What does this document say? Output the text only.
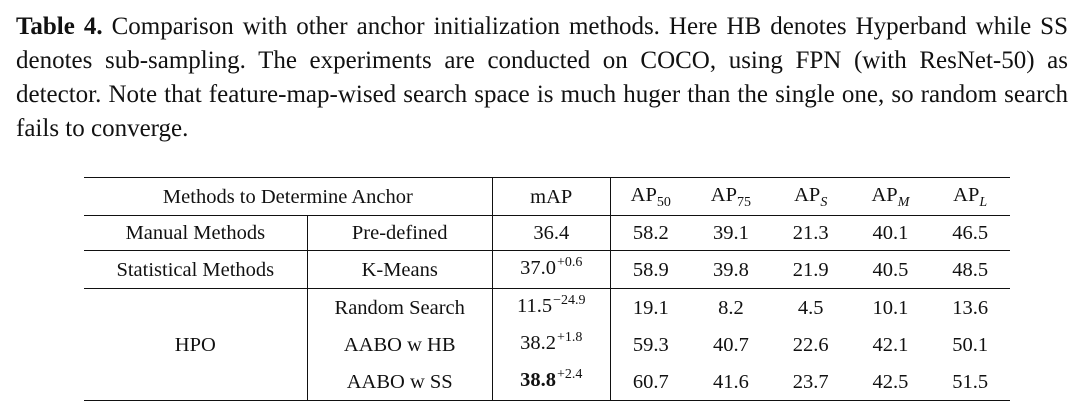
Table 4. Comparison with other anchor initialization methods. Here HB denotes Hyperband while SS denotes sub-sampling. The experiments are conducted on COCO, using FPN (with ResNet-50) as detector. Note that feature-map-wised search space is much huger than the single one, so random search fails to converge.
Methods to Determine Anchor		mAP	$AP_{50}$	$AP_{75}$	$AP_S$	$AP_M$	$AP_L$
Manual Methods	Pre-defined	36.4	58.2	39.1	21.3	40.1	46.5
Statistical Methods	K-Means	$37.0^{+0.6}$	58.9	39.8	21.9	40.5	48.5
HPO	Random Search	$11.5^{-24.9}$	19.1	8.2	4.5	10.1	13.6
	AABO w HB	$38.2^{+1.8}$	59.3	40.7	22.6	42.1	50.1
	AABO w SS	$38.8^{+2.4}$	60.7	41.6	23.7	42.5	51.5
